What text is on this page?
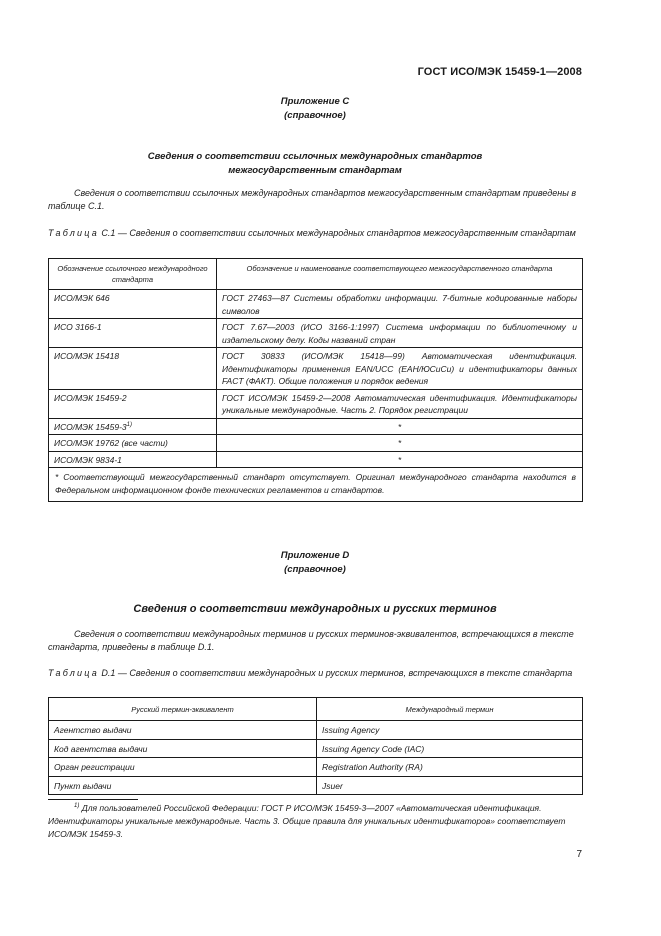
ГОСТ ИСО/МЭК 15459-1—2008
Приложение С
(справочное)
Сведения о соответствии ссылочных международных стандартов
межгосударственным стандартам
Сведения о соответствии ссылочных международных стандартов межгосударственным стандартам приведены в таблице С.1.
Таблица С.1 — Сведения о соответствии ссылочных международных стандартов межгосударственным стандартам
Обозначение ссылочного международного стандарта	Обозначение и наименование соответствующего межгосударственного стандарта
ИСО/МЭК 646	ГОСТ 27463—87 Системы обработки информации. 7-битные кодированные наборы символов
ИСО 3166-1	ГОСТ 7.67—2003 (ИСО 3166-1:1997) Система информации по библиотечному и издательскому делу. Коды названий стран
ИСО/МЭК 15418	ГОСТ 30833 (ИСО/МЭК 15418—99) Автоматическая идентификация. Идентификаторы применения EAN/UCC (ЕАН/ЮСиСи) и идентификаторы данных FACT (ФАКТ). Общие положения и порядок ведения
ИСО/МЭК 15459-2	ГОСТ ИСО/МЭК 15459-2—2008 Автоматическая идентификация. Идентификаторы уникальные международные. Часть 2. Порядок регистрации
ИСО/МЭК 15459-3$^{1)}$	*
ИСО/МЭК 19762 (все части)	*
ИСО/МЭК 9834-1	*
* Соответствующий межгосударственный стандарт отсутствует. Оригинал международного стандарта находится в Федеральном информационном фонде технических регламентов и стандартов.	
Приложение D
(справочное)
Сведения о соответствии международных и русских терминов
Сведения о соответствии международных терминов и русских терминов-эквивалентов, встречающихся в тексте стандарта, приведены в таблице D.1.
Таблица D.1 — Сведения о соответствии международных и русских терминов, встречающихся в тексте стандарта
Русский термин-эквивалент	Международный термин
Агентство выдачи	Issuing Agency
Код агентства выдачи	Issuing Agency Code (IAC)
Орган регистрации	Registration Authority (RA)
Пункт выдачи	Jsuer
$^{1)}$ Для пользователей Российской Федерации: ГОСТ Р ИСО/МЭК 15459-3—2007 «Автоматическая идентификация. Идентификаторы уникальные международные. Часть 3. Общие правила для уникальных идентификаторов» соответствует ИСО/МЭК 15459-3.
7
